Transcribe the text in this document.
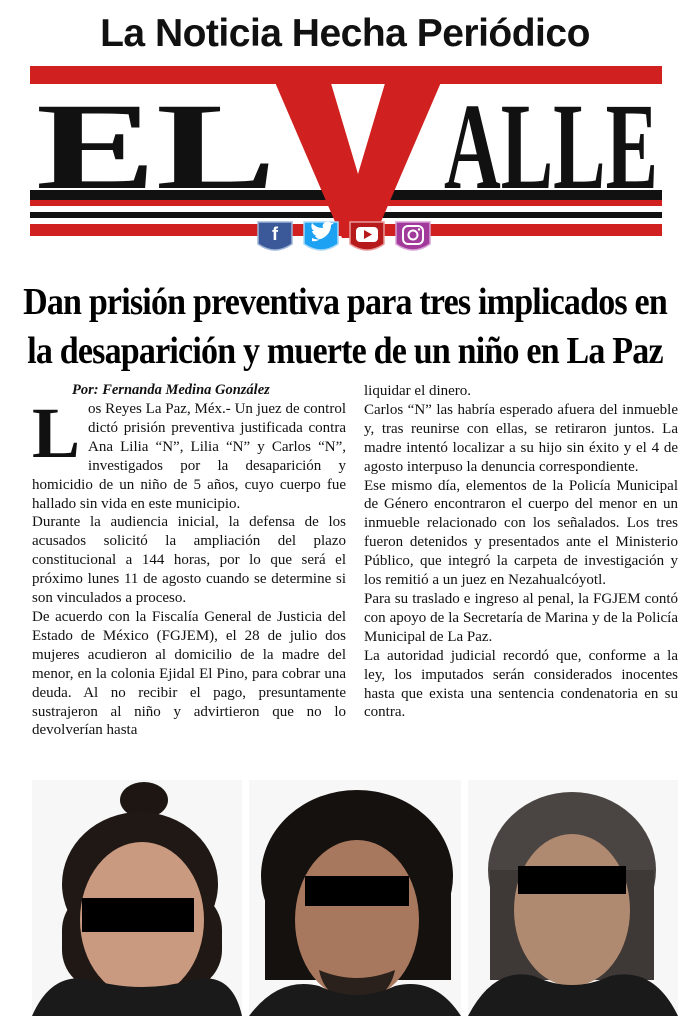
La Noticia Hecha Periódico
EL ALLE
f
Dan prisión preventiva para tres implicados en
la desaparición y muerte de un niño en La Paz
Por: Fernanda Medina González

Los Reyes La Paz, Méx.- Un juez de control dictó prisión preventiva justificada contra Ana Lilia “N”, Lilia “N” y Carlos “N”, investigados por la desaparición y homicidio de un niño de 5 años, cuyo cuerpo fue hallado sin vida en este municipio.

Durante la audiencia inicial, la defensa de los acusados solicitó la ampliación del plazo constitucional a 144 horas, por lo que será el próximo lunes 11 de agosto cuando se determine si son vinculados a proceso.

De acuerdo con la Fiscalía General de Justicia del Estado de México (FGJEM), el 28 de julio dos mujeres acudieron al domicilio de la madre del menor, en la colonia Ejidal El Pino, para cobrar una deuda. Al no recibir el pago, presuntamente sustrajeron al niño y advirtieron que no lo devolverían hasta

liquidar el dinero.

Carlos “N” las habría esperado afuera del inmueble y, tras reunirse con ellas, se retiraron juntos. La madre intentó localizar a su hijo sin éxito y el 4 de agosto interpuso la denuncia correspondiente.

Ese mismo día, elementos de la Policía Municipal de Género encontraron el cuerpo del menor en un inmueble relacionado con los señalados. Los tres fueron detenidos y presentados ante el Ministerio Público, que integró la carpeta de investigación y los remitió a un juez en Nezahualcóyotl.

Para su traslado e ingreso al penal, la FGJEM contó con apoyo de la Secretaría de Marina y de la Policía Municipal de La Paz.

La autoridad judicial recordó que, conforme a la ley, los imputados serán considerados inocentes hasta que exista una sentencia condenatoria en su contra.
